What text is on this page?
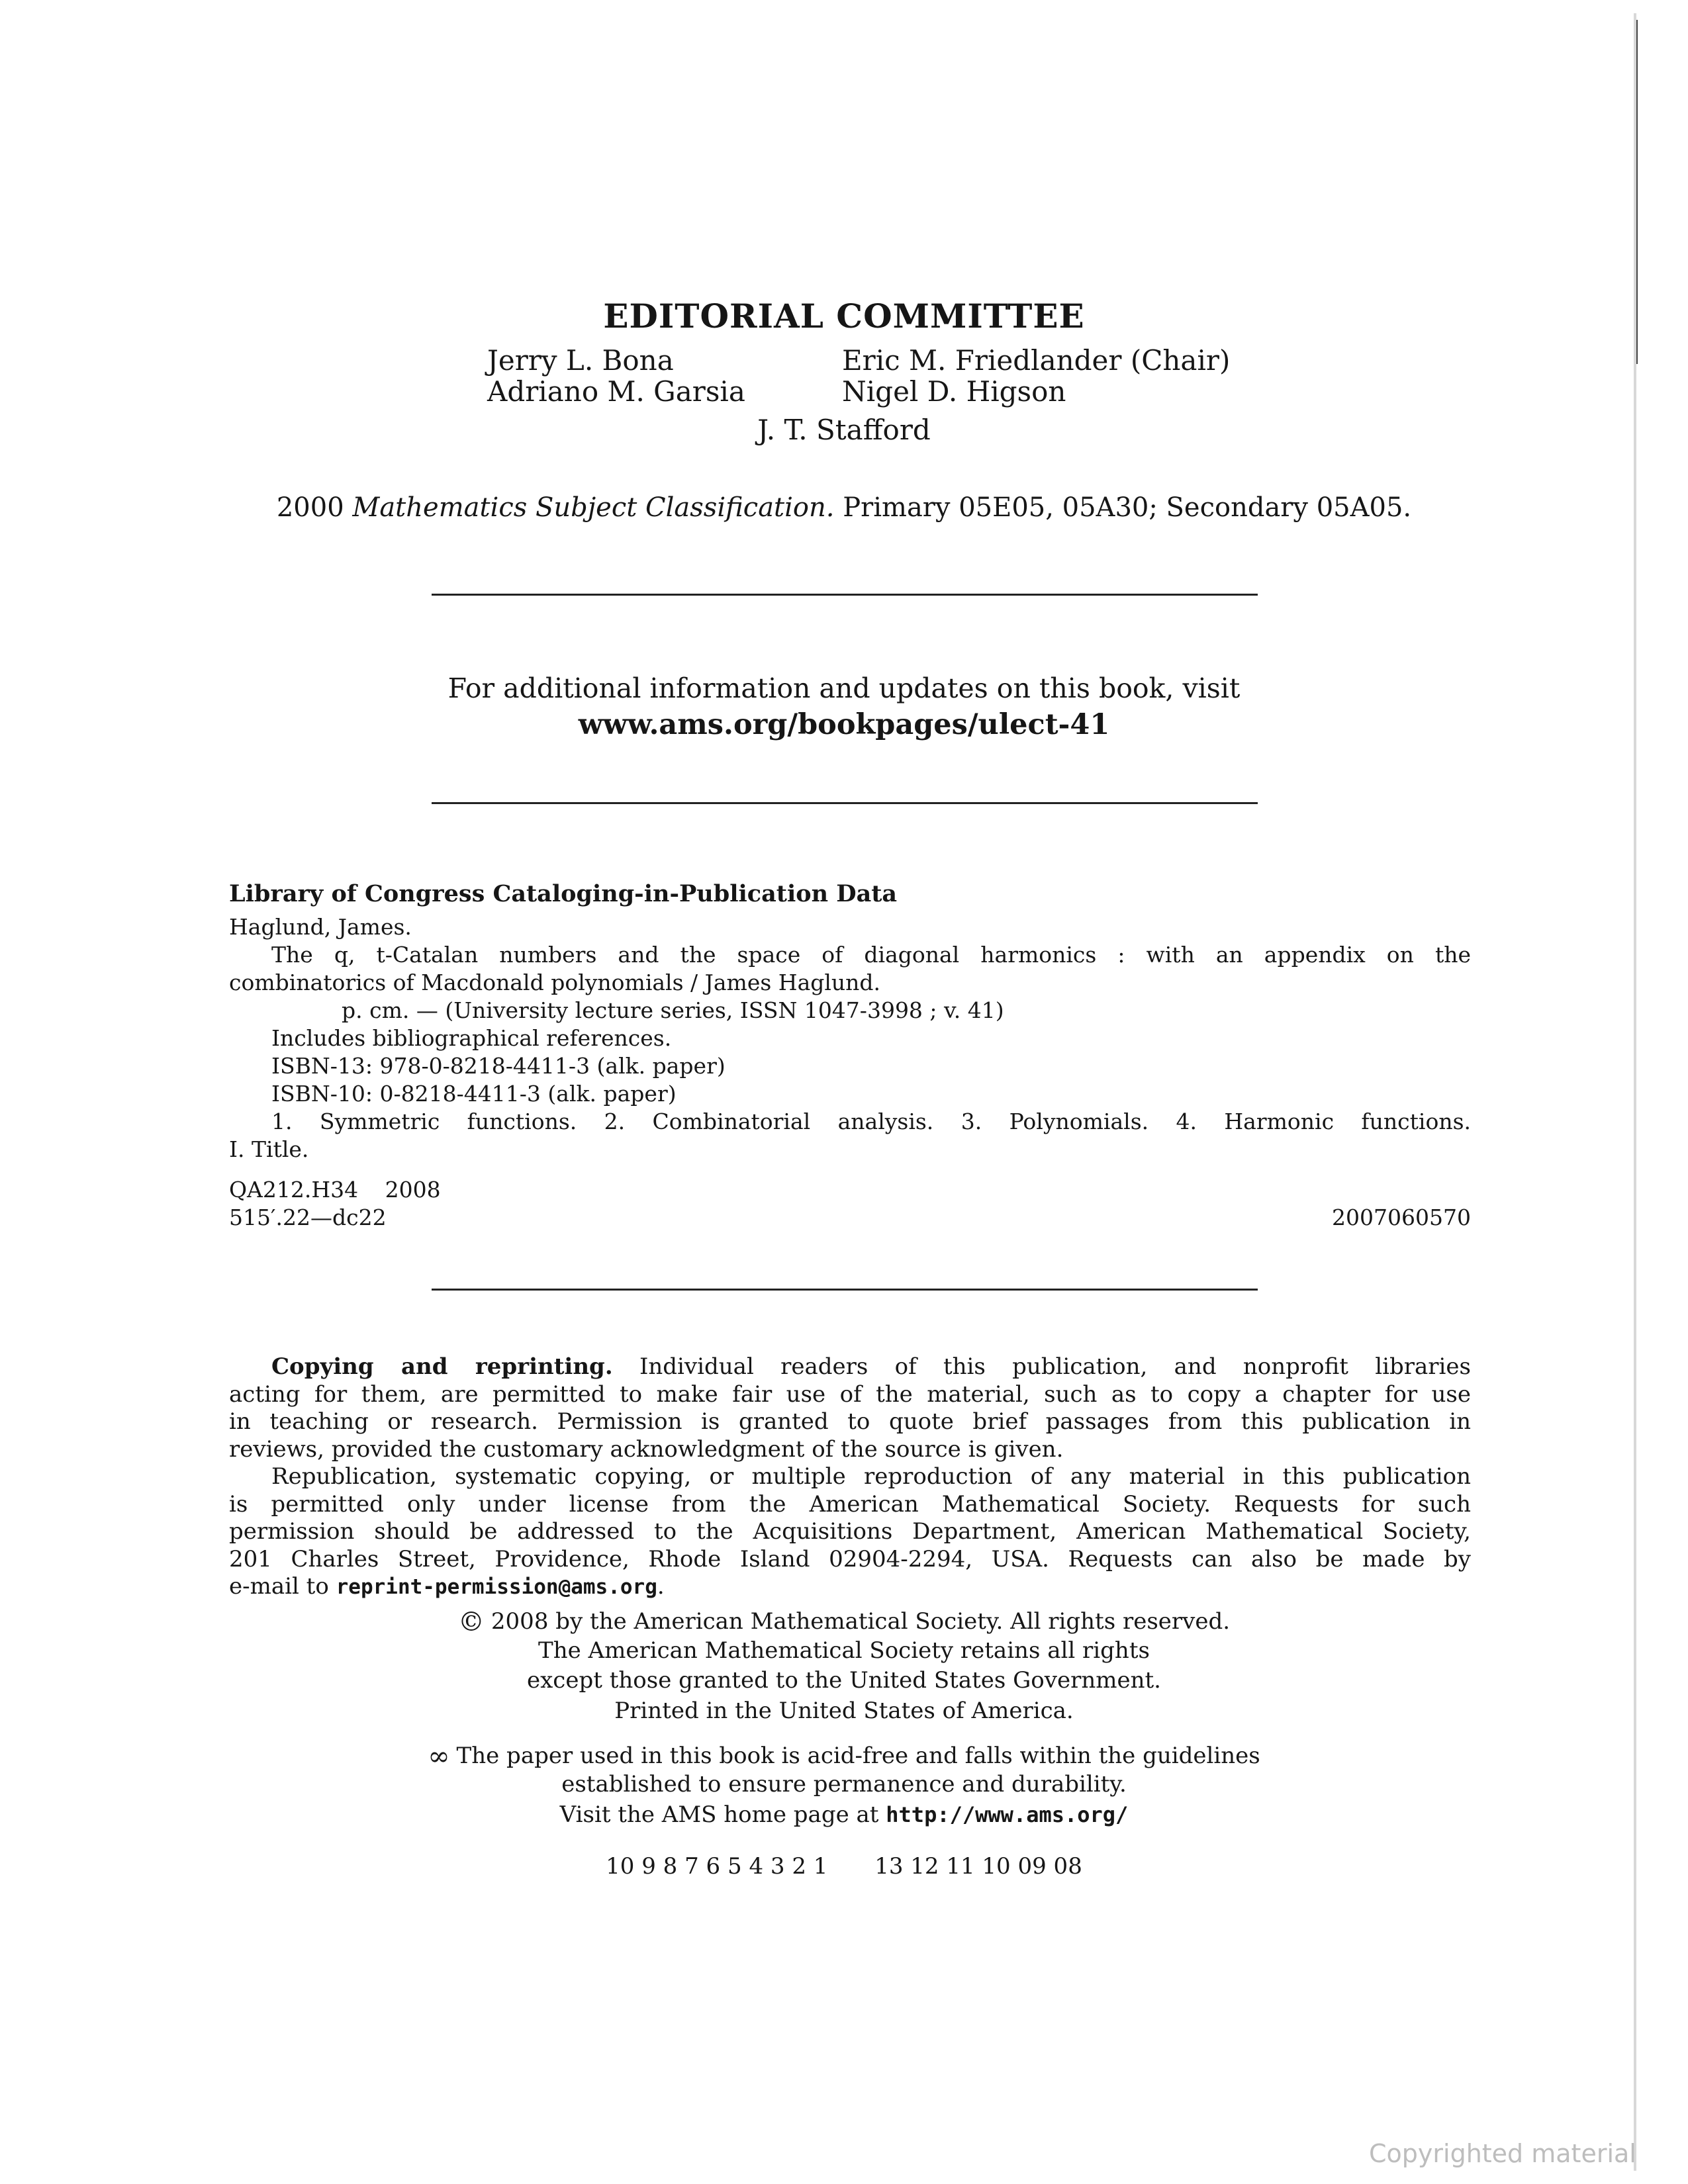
EDITORIAL COMMITTEE
Jerry L. Bona
Adriano M. Garsia
Eric M. Friedlander (Chair)
Nigel D. Higson
J. T. Stafford
2000 Mathematics Subject Classification. Primary 05E05, 05A30; Secondary 05A05.
For additional information and updates on this book, visit
www.ams.org/bookpages/ulect-41
Library of Congress Cataloging-in-Publication Data
Haglund, James.
The q, t-Catalan numbers and the space of diagonal harmonics : with an appendix on the
combinatorics of Macdonald polynomials / James Haglund.
p. cm. — (University lecture series, ISSN 1047-3998 ; v. 41)
Includes bibliographical references.
ISBN-13: 978-0-8218-4411-3 (alk. paper)
ISBN-10: 0-8218-4411-3 (alk. paper)
1. Symmetric functions. 2. Combinatorial analysis. 3. Polynomials. 4. Harmonic functions.
I. Title.
QA212.H34 2008
515′.22—dc22	2007060570
Copying and reprinting. Individual readers of this publication, and nonprofit libraries
acting for them, are permitted to make fair use of the material, such as to copy a chapter for use
in teaching or research. Permission is granted to quote brief passages from this publication in
reviews, provided the customary acknowledgment of the source is given.
Republication, systematic copying, or multiple reproduction of any material in this publication
is permitted only under license from the American Mathematical Society. Requests for such
permission should be addressed to the Acquisitions Department, American Mathematical Society,
201 Charles Street, Providence, Rhode Island 02904-2294, USA. Requests can also be made by
e-mail to reprint-permission@ams.org.
© 2008 by the American Mathematical Society. All rights reserved.
The American Mathematical Society retains all rights
except those granted to the United States Government.
Printed in the United States of America.
∞ The paper used in this book is acid-free and falls within the guidelines
established to ensure permanence and durability.
Visit the AMS home page at http://www.ams.org/
10 9 8 7 6 5 4 3 2 1 13 12 11 10 09 08
Copyrighted material
